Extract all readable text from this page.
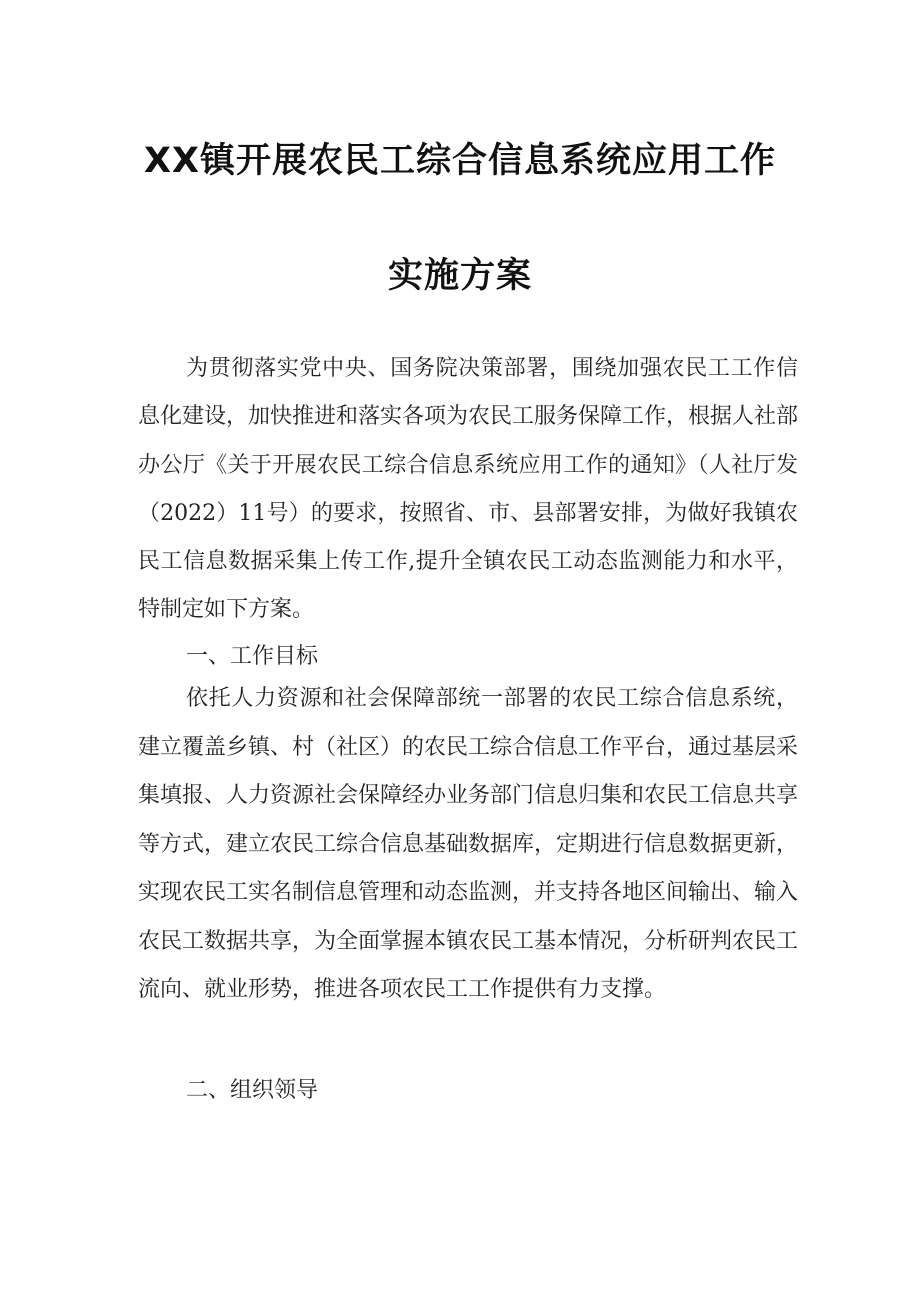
XX镇开展农民工综合信息系统应用工作
实施方案

为贯彻落实党中央、国务院决策部署，围绕加强农民工工作信息化建设，加快推进和落实各项为农民工服务保障工作，根据人社部办公厅《关于开展农民工综合信息系统应用工作的通知》（人社厅发（2022）11号）的要求，按照省、市、县部署安排，为做好我镇农民工信息数据采集上传工作,提升全镇农民工动态监测能力和水平，特制定如下方案。

一、工作目标

依托人力资源和社会保障部统一部署的农民工综合信息系统，建立覆盖乡镇、村（社区）的农民工综合信息工作平台，通过基层采集填报、人力资源社会保障经办业务部门信息归集和农民工信息共享等方式，建立农民工综合信息基础数据库，定期进行信息数据更新，实现农民工实名制信息管理和动态监测，并支持各地区间输出、输入农民工数据共享，为全面掌握本镇农民工基本情况，分析研判农民工流向、就业形势，推进各项农民工工作提供有力支撑。

二、组织领导
